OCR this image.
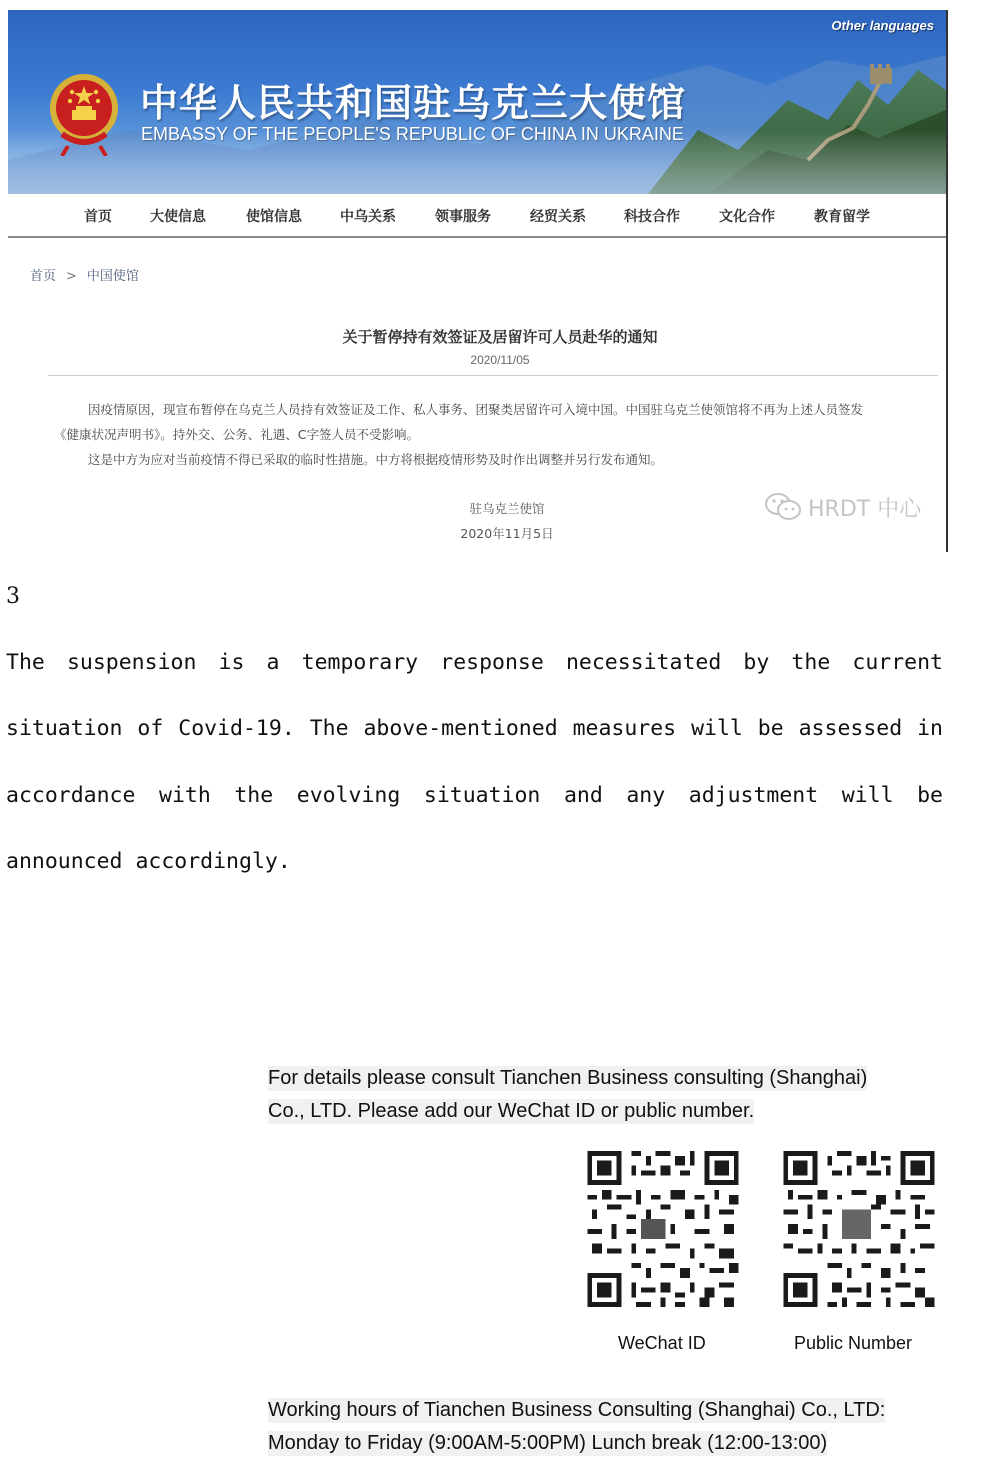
中华人民共和国驻乌克兰大使馆
EMBASSY OF THE PEOPLE'S REPUBLIC OF CHINA IN UKRAINE
Other languages
首页	大使信息	使馆信息	中乌关系	领事服务	经贸关系	科技合作	文化合作	教育留学
首页 > 中国使馆
关于暂停持有效签证及居留许可人员赴华的通知
2020/11/05
因疫情原因，现宣布暂停在乌克兰人员持有效签证及工作、私人事务、团聚类居留许可入境中国。中国驻乌克兰使领馆将不再为上述人员签发
《健康状况声明书》。持外交、公务、礼遇、C字签人员不受影响。
这是中方为应对当前疫情不得已采取的临时性措施。中方将根据疫情形势及时作出调整并另行发布通知。
驻乌克兰使馆
2020年11月5日
HRDT 中心
3
The suspension is a temporary response necessitated by the current
situation of Covid-19. The above-mentioned measures will be assessed in
accordance with the evolving situation and any adjustment will be
announced accordingly.
For details please consult Tianchen Business consulting (Shanghai)
Co., LTD. Please add our WeChat ID or public number.
WeChat ID	Public Number
Working hours of Tianchen Business Consulting (Shanghai) Co., LTD:
Monday to Friday (9:00AM-5:00PM) Lunch break (12:00-13:00)
